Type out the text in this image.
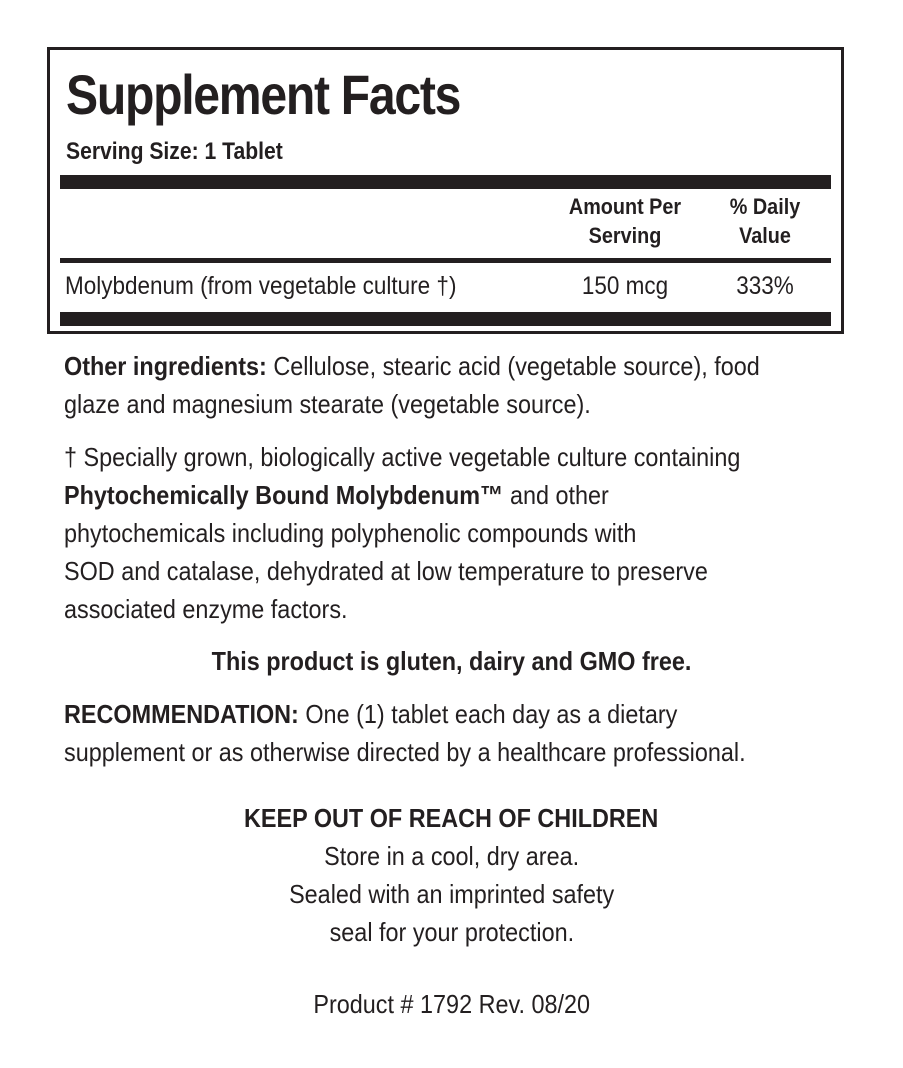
Supplement Facts
Serving Size: 1 Tablet
Amount Per
Serving
% Daily
Value
Molybdenum (from vegetable culture †)	150 mcg	333%
Other ingredients: Cellulose, stearic acid (vegetable source), food
glaze and magnesium stearate (vegetable source).
† Specially grown, biologically active vegetable culture containing
Phytochemically Bound Molybdenum™ and other
phytochemicals including polyphenolic compounds with
SOD and catalase, dehydrated at low temperature to preserve
associated enzyme factors.
This product is gluten, dairy and GMO free.
RECOMMENDATION: One (1) tablet each day as a dietary
supplement or as otherwise directed by a healthcare professional.
KEEP OUT OF REACH OF CHILDREN
Store in a cool, dry area.
Sealed with an imprinted safety
seal for your protection.
Product # 1792 Rev. 08/20
